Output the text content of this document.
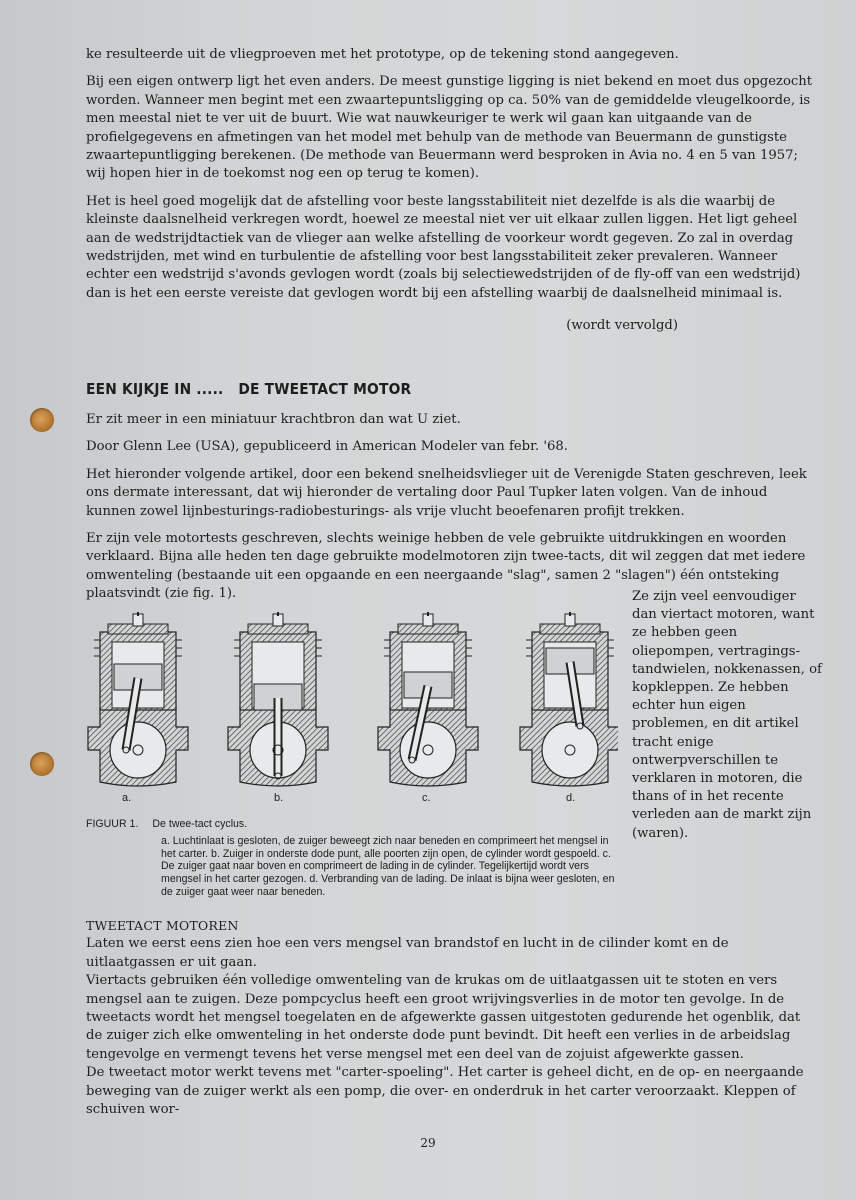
ke resulteerde uit de vliegproeven met het prototype, op de tekening stond aangegeven.

Bij een eigen ontwerp ligt het even anders. De meest gunstige ligging is niet bekend en moet dus opgezocht worden. Wanneer men begint met een zwaartepuntsligging op ca. 50% van de gemiddelde vleugelkoorde, is men meestal niet te ver uit de buurt. Wie wat nauwkeuriger te werk wil gaan kan uitgaande van de profielgegevens en afmetingen van het model met behulp van de methode van Beuermann de gunstigste zwaartepuntligging berekenen. (De methode van Beuermann werd besproken in Avia no. 4 en 5 van 1957; wij hopen hier in de toekomst nog een op terug te komen).

Het is heel goed mogelijk dat de afstelling voor beste langsstabiliteit niet dezelfde is als die waarbij de kleinste daalsnelheid verkregen wordt, hoewel ze meestal niet ver uit elkaar zullen liggen. Het ligt geheel aan de wedstrijdtactiek van de vlieger aan welke afstelling de voorkeur wordt gegeven. Zo zal in overdag wedstrijden, met wind en turbulentie de afstelling voor best langsstabiliteit zeker prevaleren. Wanneer echter een wedstrijd s'avonds gevlogen wordt (zoals bij selectiewedstrijden of de fly-off van een wedstrijd) dan is het een eerste vereiste dat gevlogen wordt bij een afstelling waarbij de daalsnelheid minimaal is.

(wordt vervolgd)

EEN KIJKJE IN .....   DE TWEETACT MOTOR

Er zit meer in een miniatuur krachtbron dan wat U ziet.

Door Glenn Lee (USA), gepubliceerd in American Modeler van febr. '68.

Het hieronder volgende artikel, door een bekend snelheidsvlieger uit de Verenigde Staten geschreven, leek ons dermate interessant, dat wij hieronder de vertaling door Paul Tupker laten volgen. Van de inhoud kunnen zowel lijnbesturings-radiobesturings- als vrije vlucht beoefenaren profijt trekken.

Er zijn vele motortests geschreven, slechts weinige hebben de vele gebruikte uitdrukkingen en woorden verklaard. Bijna alle heden ten dage gebruikte modelmotoren zijn twee-tacts, dit wil zeggen dat met iedere omwenteling (bestaande uit een opgaande en een neergaande "slag", samen 2 "slagen") één ontsteking plaatsvindt (zie fig. 1).	Ze zijn veel eenvoudiger dan viertact motoren, want ze hebben geen oliepompen, vertragings-tandwielen, nokkenassen, of kopkleppen. Ze hebben echter hun eigen problemen, en dit artikel tracht enige ontwerpverschillen te verklaren in motoren, die thans of in het recente verleden aan de markt zijn (waren).
a.	b.	c.	d.
FIGUUR 1. De twee-tact cyclus.
a. Luchtinlaat is gesloten, de zuiger beweegt zich naar beneden en comprimeert het mengsel in het carter. b. Zuiger in onderste dode punt, alle poorten zijn open, de cylinder wordt gespoeld. c. De zuiger gaat naar boven en comprimeert de lading in de cylinder. Tegelijkertijd wordt vers mengsel in het carter gezogen. d. Verbranding van de lading. De inlaat is bijna weer gesloten, en de zuiger gaat weer naar beneden.

TWEETACT MOTOREN

Laten we eerst eens zien hoe een vers mengsel van brandstof en lucht in de cilinder komt en de uitlaatgassen er uit gaan.

Viertacts gebruiken één volledige omwenteling van de krukas om de uitlaatgassen uit te stoten en vers mengsel aan te zuigen. Deze pompcyclus heeft een groot wrijvingsverlies in de motor ten gevolge. In de tweetacts wordt het mengsel toegelaten en de afgewerkte gassen uitgestoten gedurende het ogenblik, dat de zuiger zich elke omwenteling in het onderste dode punt bevindt. Dit heeft een verlies in de arbeidslag tengevolge en vermengt tevens het verse mengsel met een deel van de zojuist afgewerkte gassen.

De tweetact motor werkt tevens met "carter-spoeling". Het carter is geheel dicht, en de op- en neergaande beweging van de zuiger werkt als een pomp, die over- en onderdruk in het carter veroorzaakt. Kleppen of schuiven wor-

29
